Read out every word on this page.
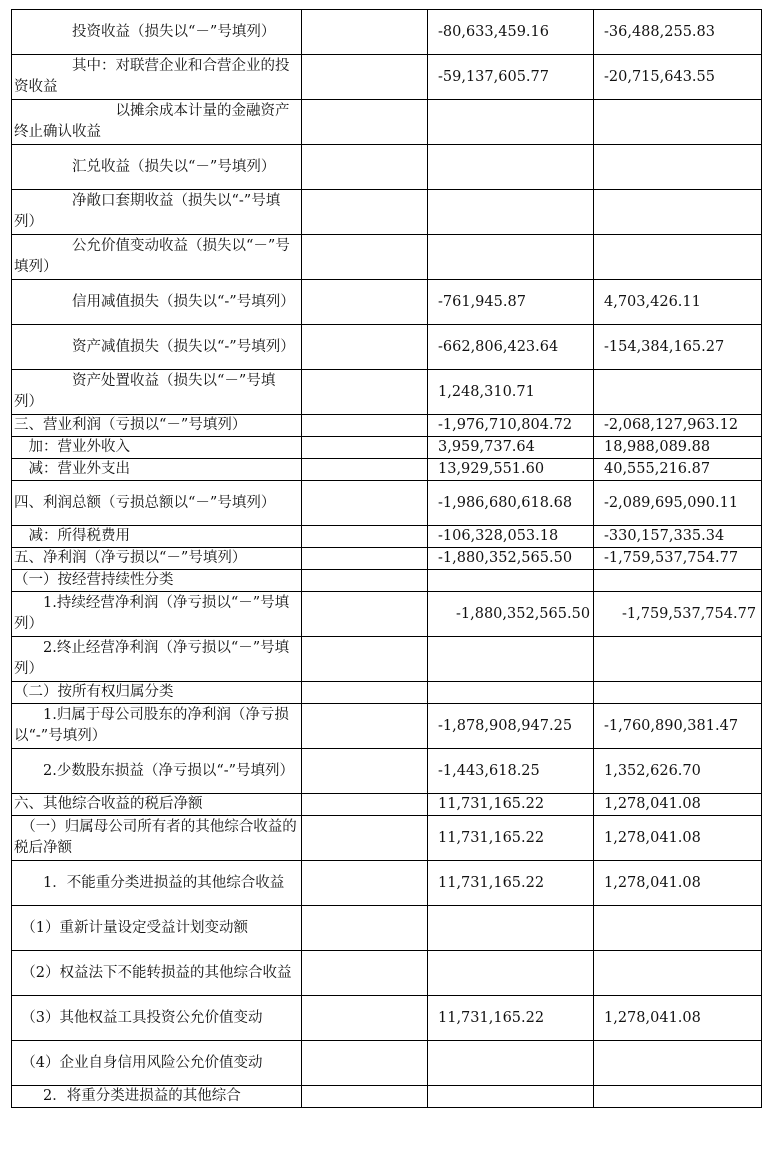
　　　　投资收益（损失以“－”号填列）		-80,633,459.16	-36,488,255.83
　　　　其中：对联营企业和合营企业的投资收益		-59,137,605.77	-20,715,643.55
　　　　　　　以摊余成本计量的金融资产终止确认收益			
　　　　汇兑收益（损失以“－”号填列）			
　　　　净敞口套期收益（损失以“-”号填列）			
　　　　公允价值变动收益（损失以“－”号填列）			
　　　　信用减值损失（损失以“-”号填列）		-761,945.87	4,703,426.11
　　　　资产减值损失（损失以“-”号填列）		-662,806,423.64	-154,384,165.27
　　　　资产处置收益（损失以“－”号填列）		1,248,310.71	
三、营业利润（亏损以“－”号填列）		-1,976,710,804.72	-2,068,127,963.12
　加：营业外收入		3,959,737.64	18,988,089.88
　减：营业外支出		13,929,551.60	40,555,216.87
四、利润总额（亏损总额以“－”号填列）		-1,986,680,618.68	-2,089,695,090.11
　减：所得税费用		-106,328,053.18	-330,157,335.34
五、净利润（净亏损以“－”号填列）		-1,880,352,565.50	-1,759,537,754.77
（一）按经营持续性分类			
　　1.持续经营净利润（净亏损以“－”号填列）		-1,880,352,565.50	-1,759,537,754.77
　　2.终止经营净利润（净亏损以“－”号填列）			
（二）按所有权归属分类			
　　1.归属于母公司股东的净利润（净亏损以“-”号填列）		-1,878,908,947.25	-1,760,890,381.47
　　2.少数股东损益（净亏损以“-”号填列）		-1,443,618.25	1,352,626.70
六、其他综合收益的税后净额		11,731,165.22	1,278,041.08
　（一）归属母公司所有者的其他综合收益的税后净额		11,731,165.22	1,278,041.08
　　1．不能重分类进损益的其他综合收益		11,731,165.22	1,278,041.08
　（1）重新计量设定受益计划变动额			
　（2）权益法下不能转损益的其他综合收益			
　（3）其他权益工具投资公允价值变动		11,731,165.22	1,278,041.08
　（4）企业自身信用风险公允价值变动			
　　2．将重分类进损益的其他综合			
